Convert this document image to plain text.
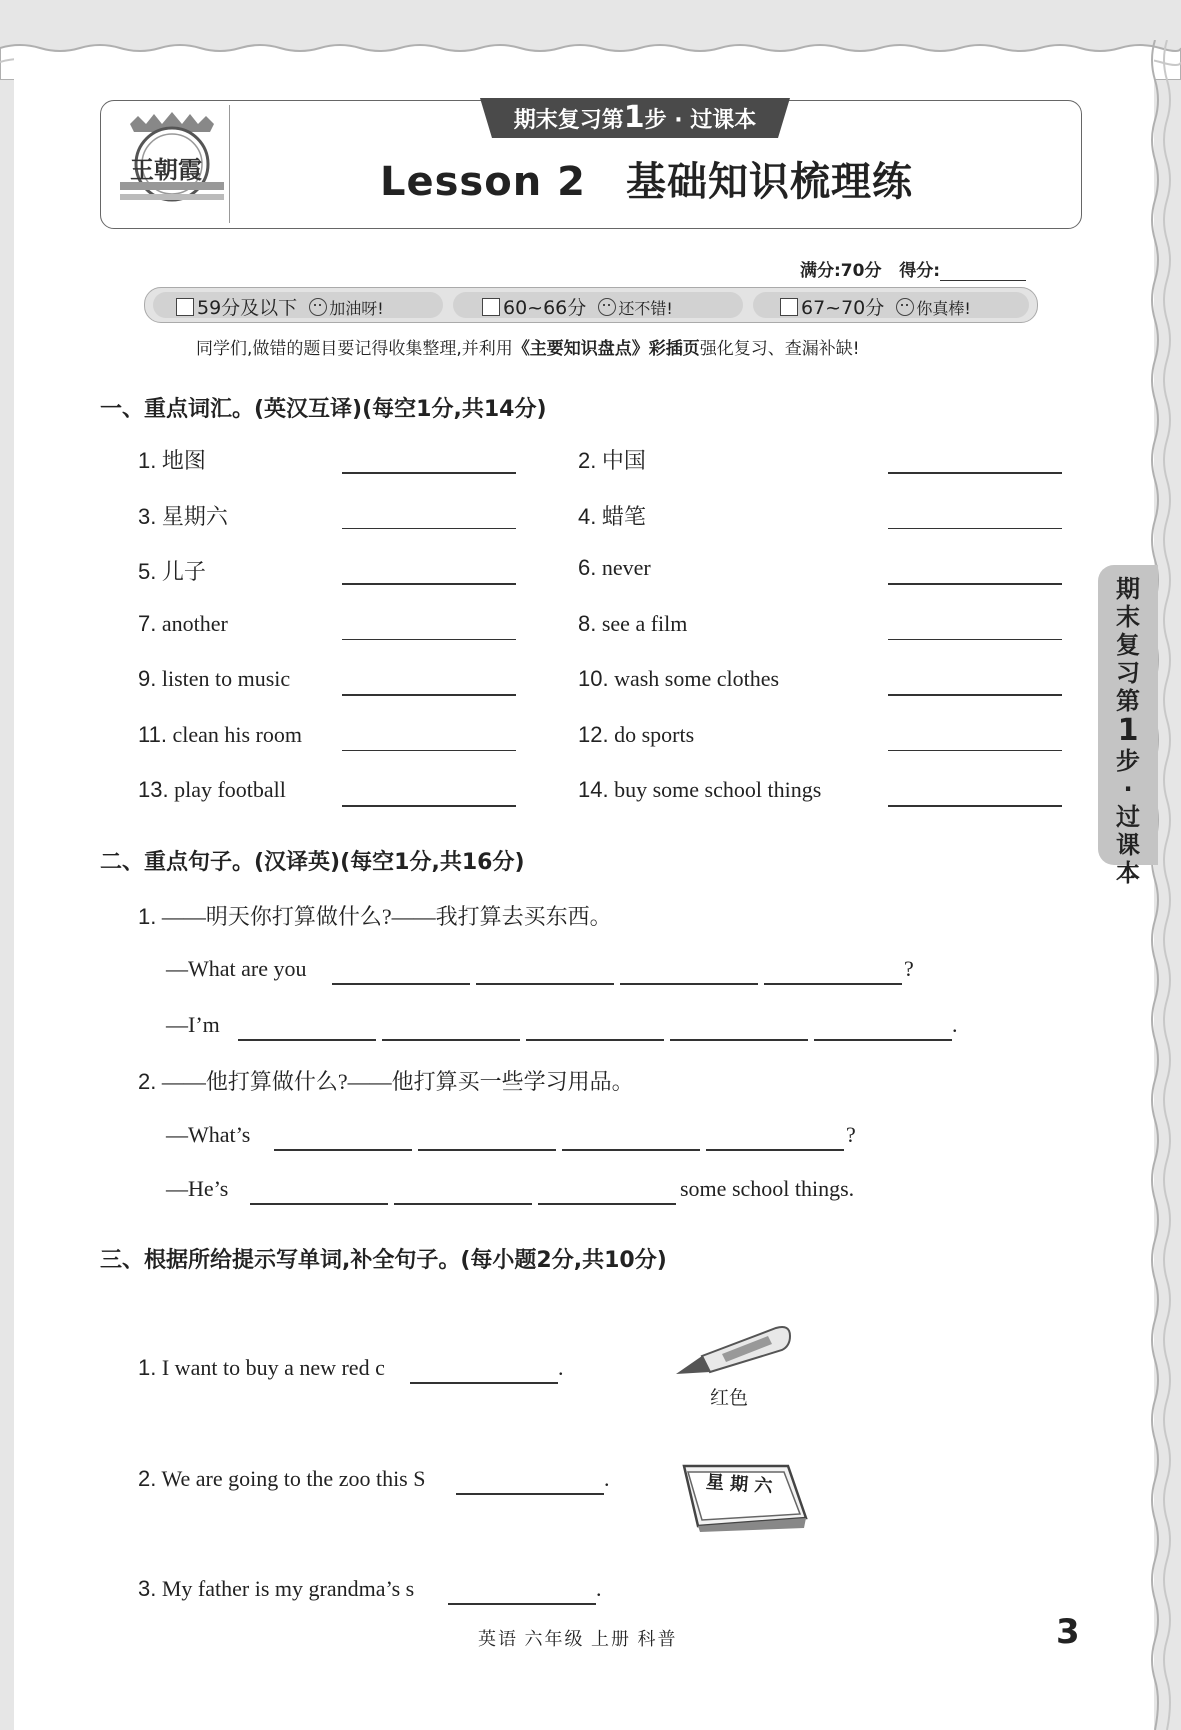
王朝霞
期末复习第1步 · 过课本
Lesson 2 基础知识梳理练
满分:70分 得分:
59分及以下 加油呀!	60~66分 还不错!	67~70分 你真棒!
同学们,做错的题目要记得收集整理,并利用《主要知识盘点》彩插页强化复习、查漏补缺!
一、重点词汇。(英汉互译)(每空1分,共14分)
1. 地图	2. 中国
3. 星期六	4. 蜡笔
5. 儿子	6. never
7. another	8. see a film
9. listen to music	10. wash some clothes
11. clean his room	12. do sports
13. play football	14. buy some school things
二、重点句子。(汉译英)(每空1分,共16分)
1. ——明天你打算做什么?——我打算去买东西。
—What are you	?
—I’m	.
2. ——他打算做什么?——他打算买一些学习用品。
—What’s	?
—He’s	some school things.
三、根据所给提示写单词,补全句子。(每小题2分,共10分)
1. I want to buy a new red c	.
红色
2. We are going to the zoo this S	.	星 期 六
3. My father is my grandma’s s	.
期末复习第
1
步·过课本
英语 六年级 上册 科普	3
